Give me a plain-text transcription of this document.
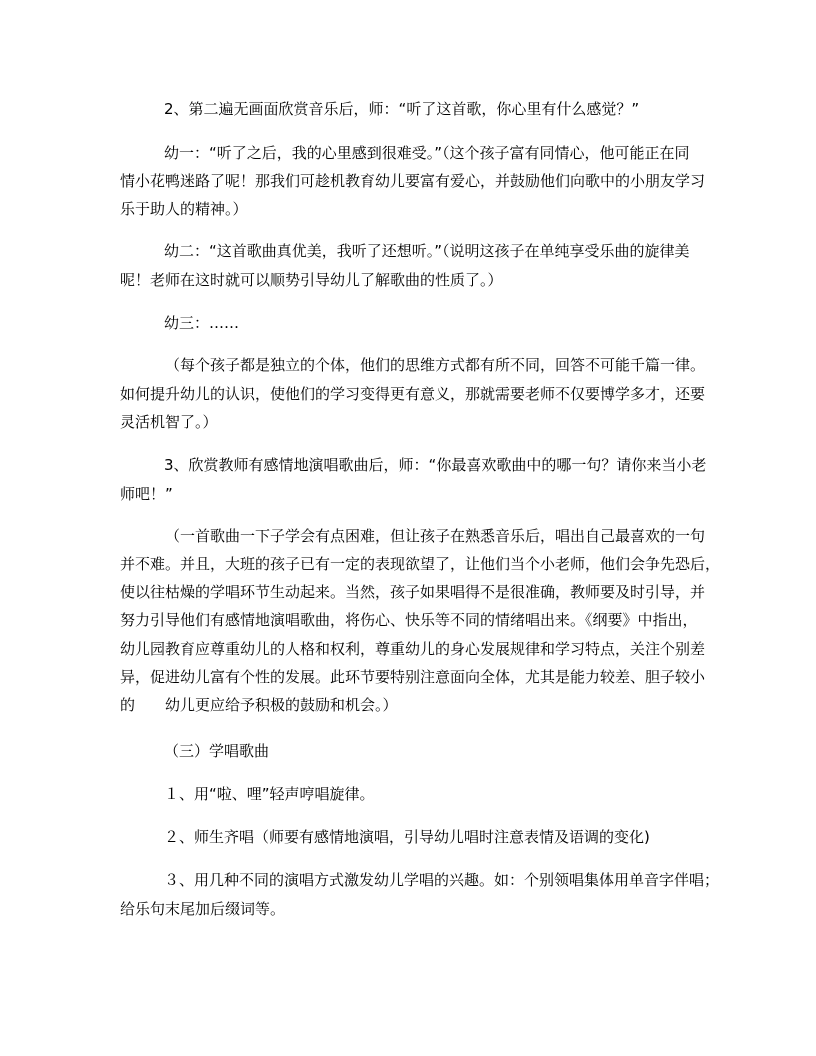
2、第二遍无画面欣赏音乐后，师：“听了这首歌，你心里有什么感觉？”
幼一：“听了之后，我的心里感到很难受。”（这个孩子富有同情心，他可能正在同
情小花鸭迷路了呢！那我们可趁机教育幼儿要富有爱心，并鼓励他们向歌中的小朋友学习
乐于助人的精神。）
幼二：“这首歌曲真优美，我听了还想听。”（说明这孩子在单纯享受乐曲的旋律美
呢！老师在这时就可以顺势引导幼儿了解歌曲的性质了。）
幼三：……
（每个孩子都是独立的个体，他们的思维方式都有所不同，回答不可能千篇一律。
如何提升幼儿的认识，使他们的学习变得更有意义，那就需要老师不仅要博学多才，还要
灵活机智了。）
3、欣赏教师有感情地演唱歌曲后，师：“你最喜欢歌曲中的哪一句？请你来当小老
师吧！”
（一首歌曲一下子学会有点困难，但让孩子在熟悉音乐后，唱出自己最喜欢的一句
并不难。并且，大班的孩子已有一定的表现欲望了，让他们当个小老师，他们会争先恐后，
使以往枯燥的学唱环节生动起来。当然，孩子如果唱得不是很准确，教师要及时引导，并
努力引导他们有感情地演唱歌曲，将伤心、快乐等不同的情绪唱出来。《纲要》中指出，
幼儿园教育应尊重幼儿的人格和权利，尊重幼儿的身心发展规律和学习特点，关注个别差
异，促进幼儿富有个性的发展。此环节要特别注意面向全体，尤其是能力较差、胆子较小
的　　幼儿更应给予积极的鼓励和机会。）
（三）学唱歌曲
１、用“啦、哩”轻声哼唱旋律。
２、师生齐唱（师要有感情地演唱，引导幼儿唱时注意表情及语调的变化)
３、用几种不同的演唱方式激发幼儿学唱的兴趣。如：个别领唱集体用单音字伴唱；
给乐句末尾加后缀词等。
